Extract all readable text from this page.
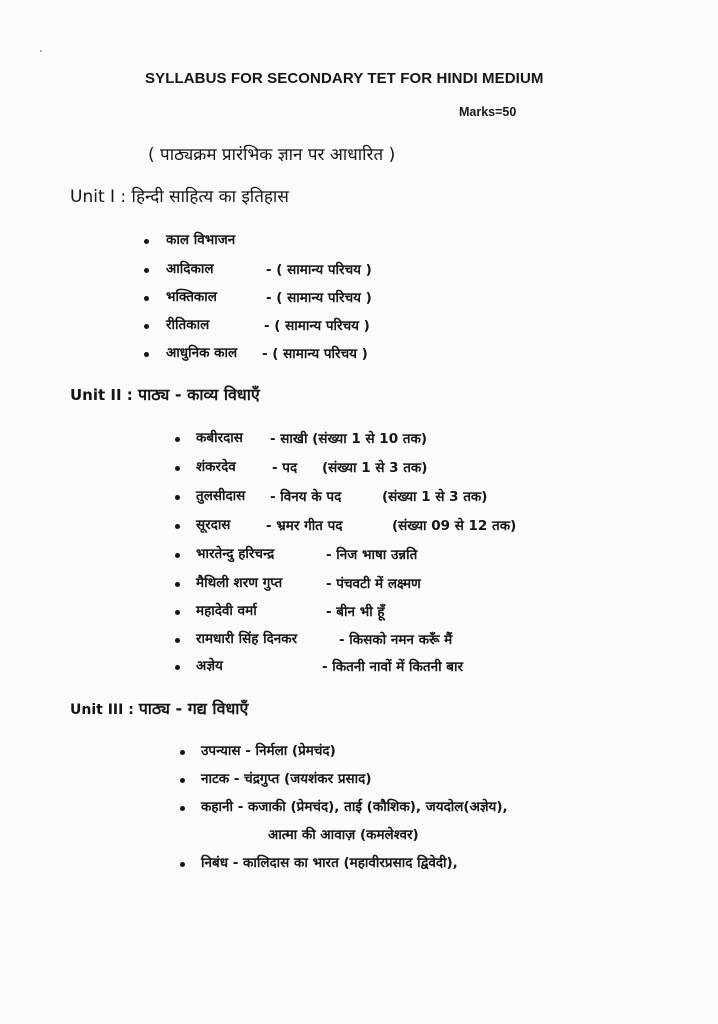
SYLLABUS FOR SECONDARY TET FOR HINDI MEDIUM
Marks=50
( पाठ्यक्रम प्रारंभिक ज्ञान पर आधारित )
Unit I : हिन्दी साहित्य का इतिहास
काल विभाजन
आदिकाल	- ( सामान्य परिचय )
भक्तिकाल	- ( सामान्य परिचय )
रीतिकाल	- ( सामान्य परिचय )
आधुनिक काल - ( सामान्य परिचय )
Unit II : पाठ्य - काव्य विधाएँ
कबीरदास - साखी (संख्या 1 से 10 तक)
शंकरदेव	- पद (संख्या 1 से 3 तक)
तुलसीदास - विनय के पद	(संख्या 1 से 3 तक)
सूरदास	- भ्रमर गीत पद	(संख्या 09 से 12 तक)
भारतेन्दु हरिचन्द्र	- निज भाषा उन्नति
मैथिली शरण गुप्त	- पंचवटी में लक्ष्मण
महादेवी वर्मा	- बीन भी हूँ
रामधारी सिंह दिनकर	- किसको नमन करूँ मैं
अज्ञेय	- कितनी नावों में कितनी बार
Unit III : पाठ्य - गद्य विधाएँ
उपन्यास - निर्मला (प्रेमचंद)
नाटक - चंद्रगुप्त (जयशंकर प्रसाद)
कहानी - कजाकी (प्रेमचंद), ताई (कौशिक), जयदोल(अज्ञेय),
आत्मा की आवाज़ (कमलेश्वर)
निबंध - कालिदास का भारत (महावीरप्रसाद द्विवेदी),
